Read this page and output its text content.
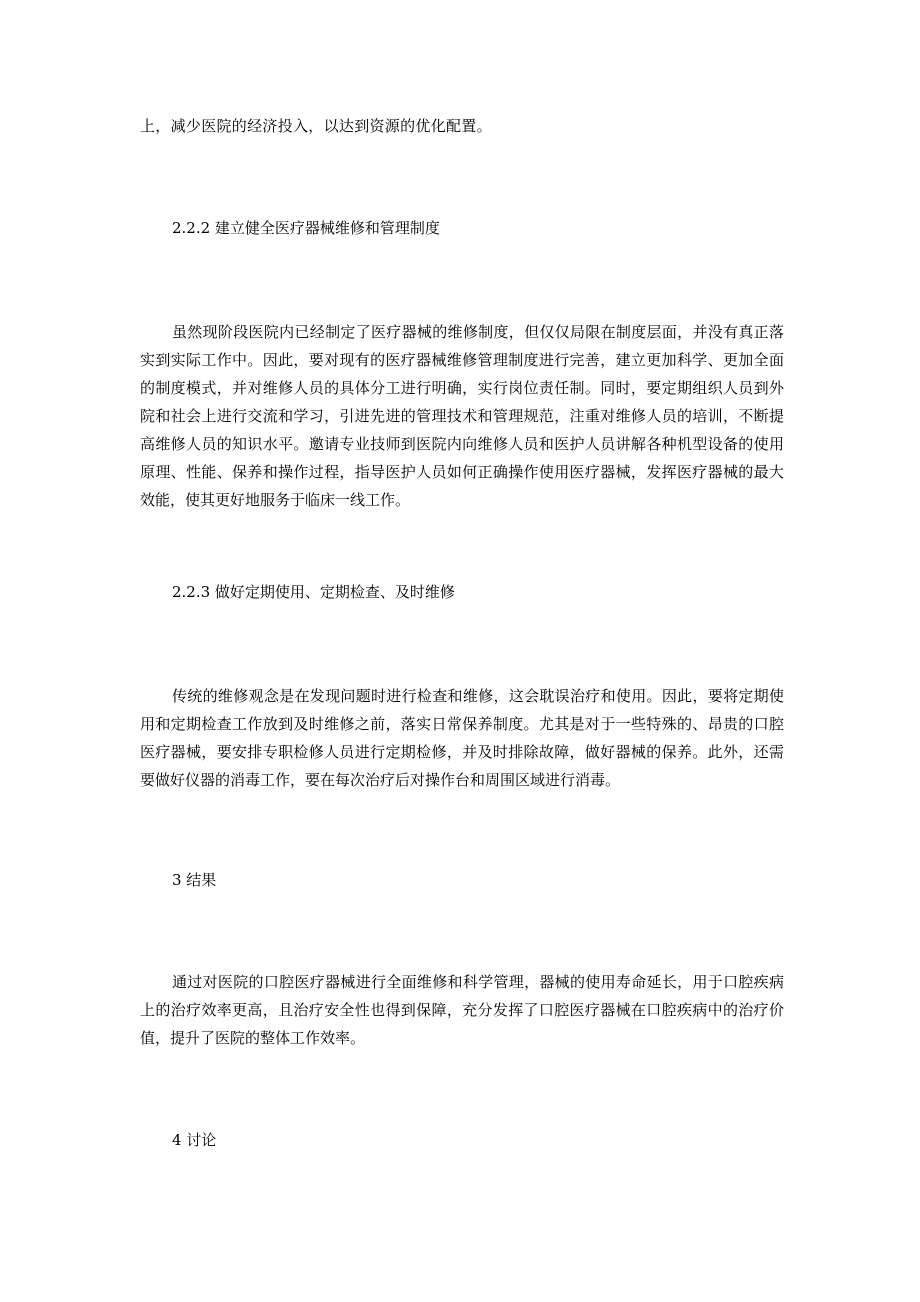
上，减少医院的经济投入，以达到资源的优化配置。
2.2.2 建立健全医疗器械维修和管理制度

虽然现阶段医院内已经制定了医疗器械的维修制度，但仅仅局限在制度层面，并没有真正落实到实际工作中。因此，要对现有的医疗器械维修管理制度进行完善，建立更加科学、更加全面的制度模式，并对维修人员的具体分工进行明确，实行岗位责任制。同时，要定期组织人员到外院和社会上进行交流和学习，引进先进的管理技术和管理规范，注重对维修人员的培训，不断提高维修人员的知识水平。邀请专业技师到医院内向维修人员和医护人员讲解各种机型设备的使用原理、性能、保养和操作过程，指导医护人员如何正确操作使用医疗器械，发挥医疗器械的最大效能，使其更好地服务于临床一线工作。

2.2.3 做好定期使用、定期检查、及时维修

传统的维修观念是在发现问题时进行检查和维修，这会耽误治疗和使用。因此，要将定期使用和定期检查工作放到及时维修之前，落实日常保养制度。尤其是对于一些特殊的、昂贵的口腔医疗器械，要安排专职检修人员进行定期检修，并及时排除故障，做好器械的保养。此外，还需要做好仪器的消毒工作，要在每次治疗后对操作台和周围区域进行消毒。

3 结果

通过对医院的口腔医疗器械进行全面维修和科学管理，器械的使用寿命延长，用于口腔疾病上的治疗效率更高，且治疗安全性也得到保障，充分发挥了口腔医疗器械在口腔疾病中的治疗价值，提升了医院的整体工作效率。

4 讨论
